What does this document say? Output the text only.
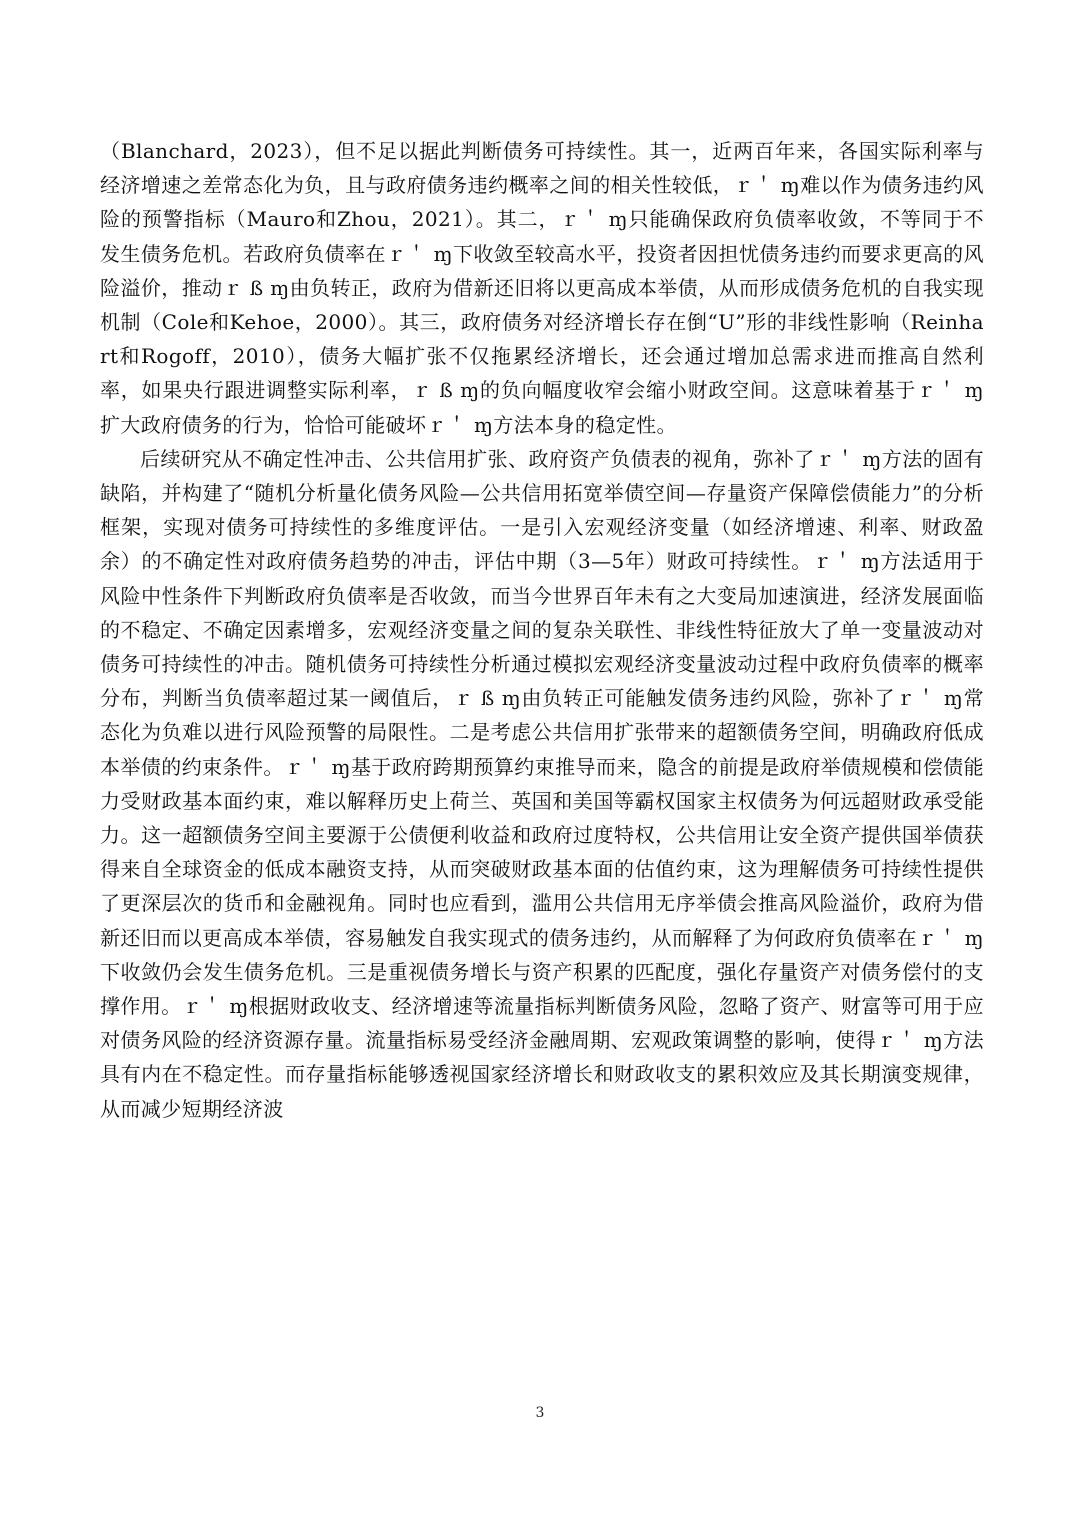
（Blanchard，2023），但不足以据此判断债务可持续性。其一，近两百年来，各国实际利率与经济增速之差常态化为负，且与政府债务违约概率之间的相关性较低，ｒ＇ ɱ难以作为债务违约风险的预警指标（Mauro和Zhou，2021）。其二，ｒ＇ ɱ只能确保政府负债率收敛，不等同于不发生债务危机。若政府负债率在ｒ＇ ɱ下收敛至较高水平，投资者因担忧债务违约而要求更高的风险溢价，推动ｒ ß ɱ由负转正，政府为借新还旧将以更高成本举债，从而形成债务危机的自我实现机制（Cole和Kehoe，2000）。其三，政府债务对经济增长存在倒“U”形的非线性影响（Reinhart和Rogoff，2010），债务大幅扩张不仅拖累经济增长，还会通过增加总需求进而推高自然利率，如果央行跟进调整实际利率，ｒ ß ɱ的负向幅度收窄会缩小财政空间。这意味着基于ｒ＇ ɱ扩大政府债务的行为，恰恰可能破坏ｒ＇ ɱ方法本身的稳定性。

后续研究从不确定性冲击、公共信用扩张、政府资产负债表的视角，弥补了ｒ＇ ɱ方法的固有缺陷，并构建了“随机分析量化债务风险—公共信用拓宽举债空间—存量资产保障偿债能力”的分析框架，实现对债务可持续性的多维度评估。一是引入宏观经济变量（如经济增速、利率、财政盈余）的不确定性对政府债务趋势的冲击，评估中期（3—5年）财政可持续性。ｒ＇ ɱ方法适用于风险中性条件下判断政府负债率是否收敛，而当今世界百年未有之大变局加速演进，经济发展面临的不稳定、不确定因素增多，宏观经济变量之间的复杂关联性、非线性特征放大了单一变量波动对债务可持续性的冲击。随机债务可持续性分析通过模拟宏观经济变量波动过程中政府负债率的概率分布，判断当负债率超过某一阈值后，ｒ ß ɱ由负转正可能触发债务违约风险，弥补了ｒ＇ ɱ常态化为负难以进行风险预警的局限性。二是考虑公共信用扩张带来的超额债务空间，明确政府低成本举债的约束条件。ｒ＇ ɱ基于政府跨期预算约束推导而来，隐含的前提是政府举债规模和偿债能力受财政基本面约束，难以解释历史上荷兰、英国和美国等霸权国家主权债务为何远超财政承受能力。这一超额债务空间主要源于公债便利收益和政府过度特权，公共信用让安全资产提供国举债获得来自全球资金的低成本融资支持，从而突破财政基本面的估值约束，这为理解债务可持续性提供了更深层次的货币和金融视角。同时也应看到，滥用公共信用无序举债会推高风险溢价，政府为借新还旧而以更高成本举债，容易触发自我实现式的债务违约，从而解释了为何政府负债率在ｒ＇ ɱ下收敛仍会发生债务危机。三是重视债务增长与资产积累的匹配度，强化存量资产对债务偿付的支撑作用。ｒ＇ ɱ根据财政收支、经济增速等流量指标判断债务风险，忽略了资产、财富等可用于应对债务风险的经济资源存量。流量指标易受经济金融周期、宏观政策调整的影响，使得ｒ＇ ɱ方法具有内在不稳定性。而存量指标能够透视国家经济增长和财政收支的累积效应及其长期演变规律，从而减少短期经济波

3
